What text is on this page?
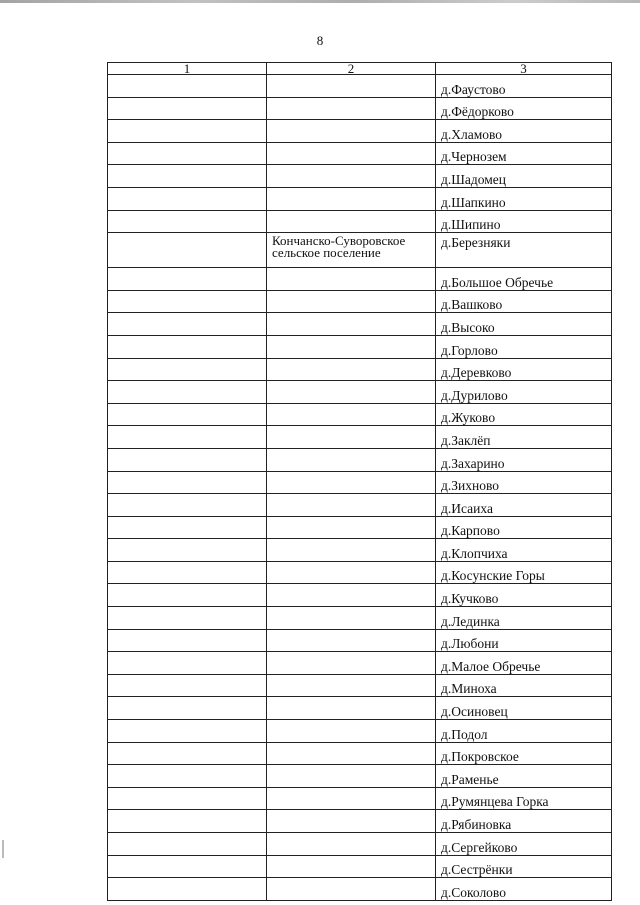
8
1	2	3
		д.Фаустово
		д.Фёдорково
		д.Хламово
		д.Чернозем
		д.Шадомец
		д.Шапкино
		д.Шипино
	Кончанско-Суворовское сельское поселение	д.Березняки
		д.Большое Обречье
		д.Вашково
		д.Высоко
		д.Горлово
		д.Деревково
		д.Дурилово
		д.Жуково
		д.Заклёп
		д.Захарино
		д.Зихново
		д.Исаиха
		д.Карпово
		д.Клопчиха
		д.Косунские Горы
		д.Кучково
		д.Лединка
		д.Любони
		д.Малое Обречье
		д.Миноха
		д.Осиновец
		д.Подол
		д.Покровское
		д.Раменье
		д.Румянцева Горка
		д.Рябиновка
		д.Сергейково
		д.Сестрёнки
		д.Соколово
